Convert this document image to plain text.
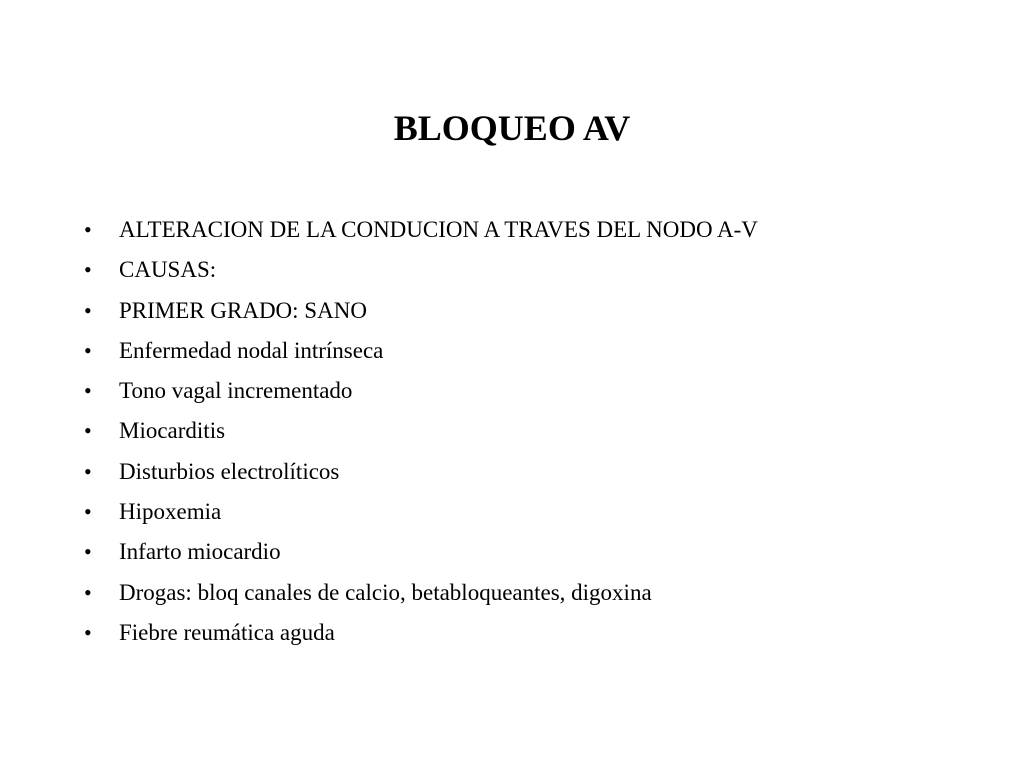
BLOQUEO AV
•	ALTERACION DE LA CONDUCION A TRAVES DEL NODO A-V
•	CAUSAS:
•	PRIMER GRADO: SANO
•	Enfermedad nodal intrínseca
•	Tono vagal incrementado
•	Miocarditis
•	Disturbios electrolíticos
•	Hipoxemia
•	Infarto miocardio
•	Drogas: bloq canales de calcio, betabloqueantes, digoxina
•	Fiebre reumática aguda
